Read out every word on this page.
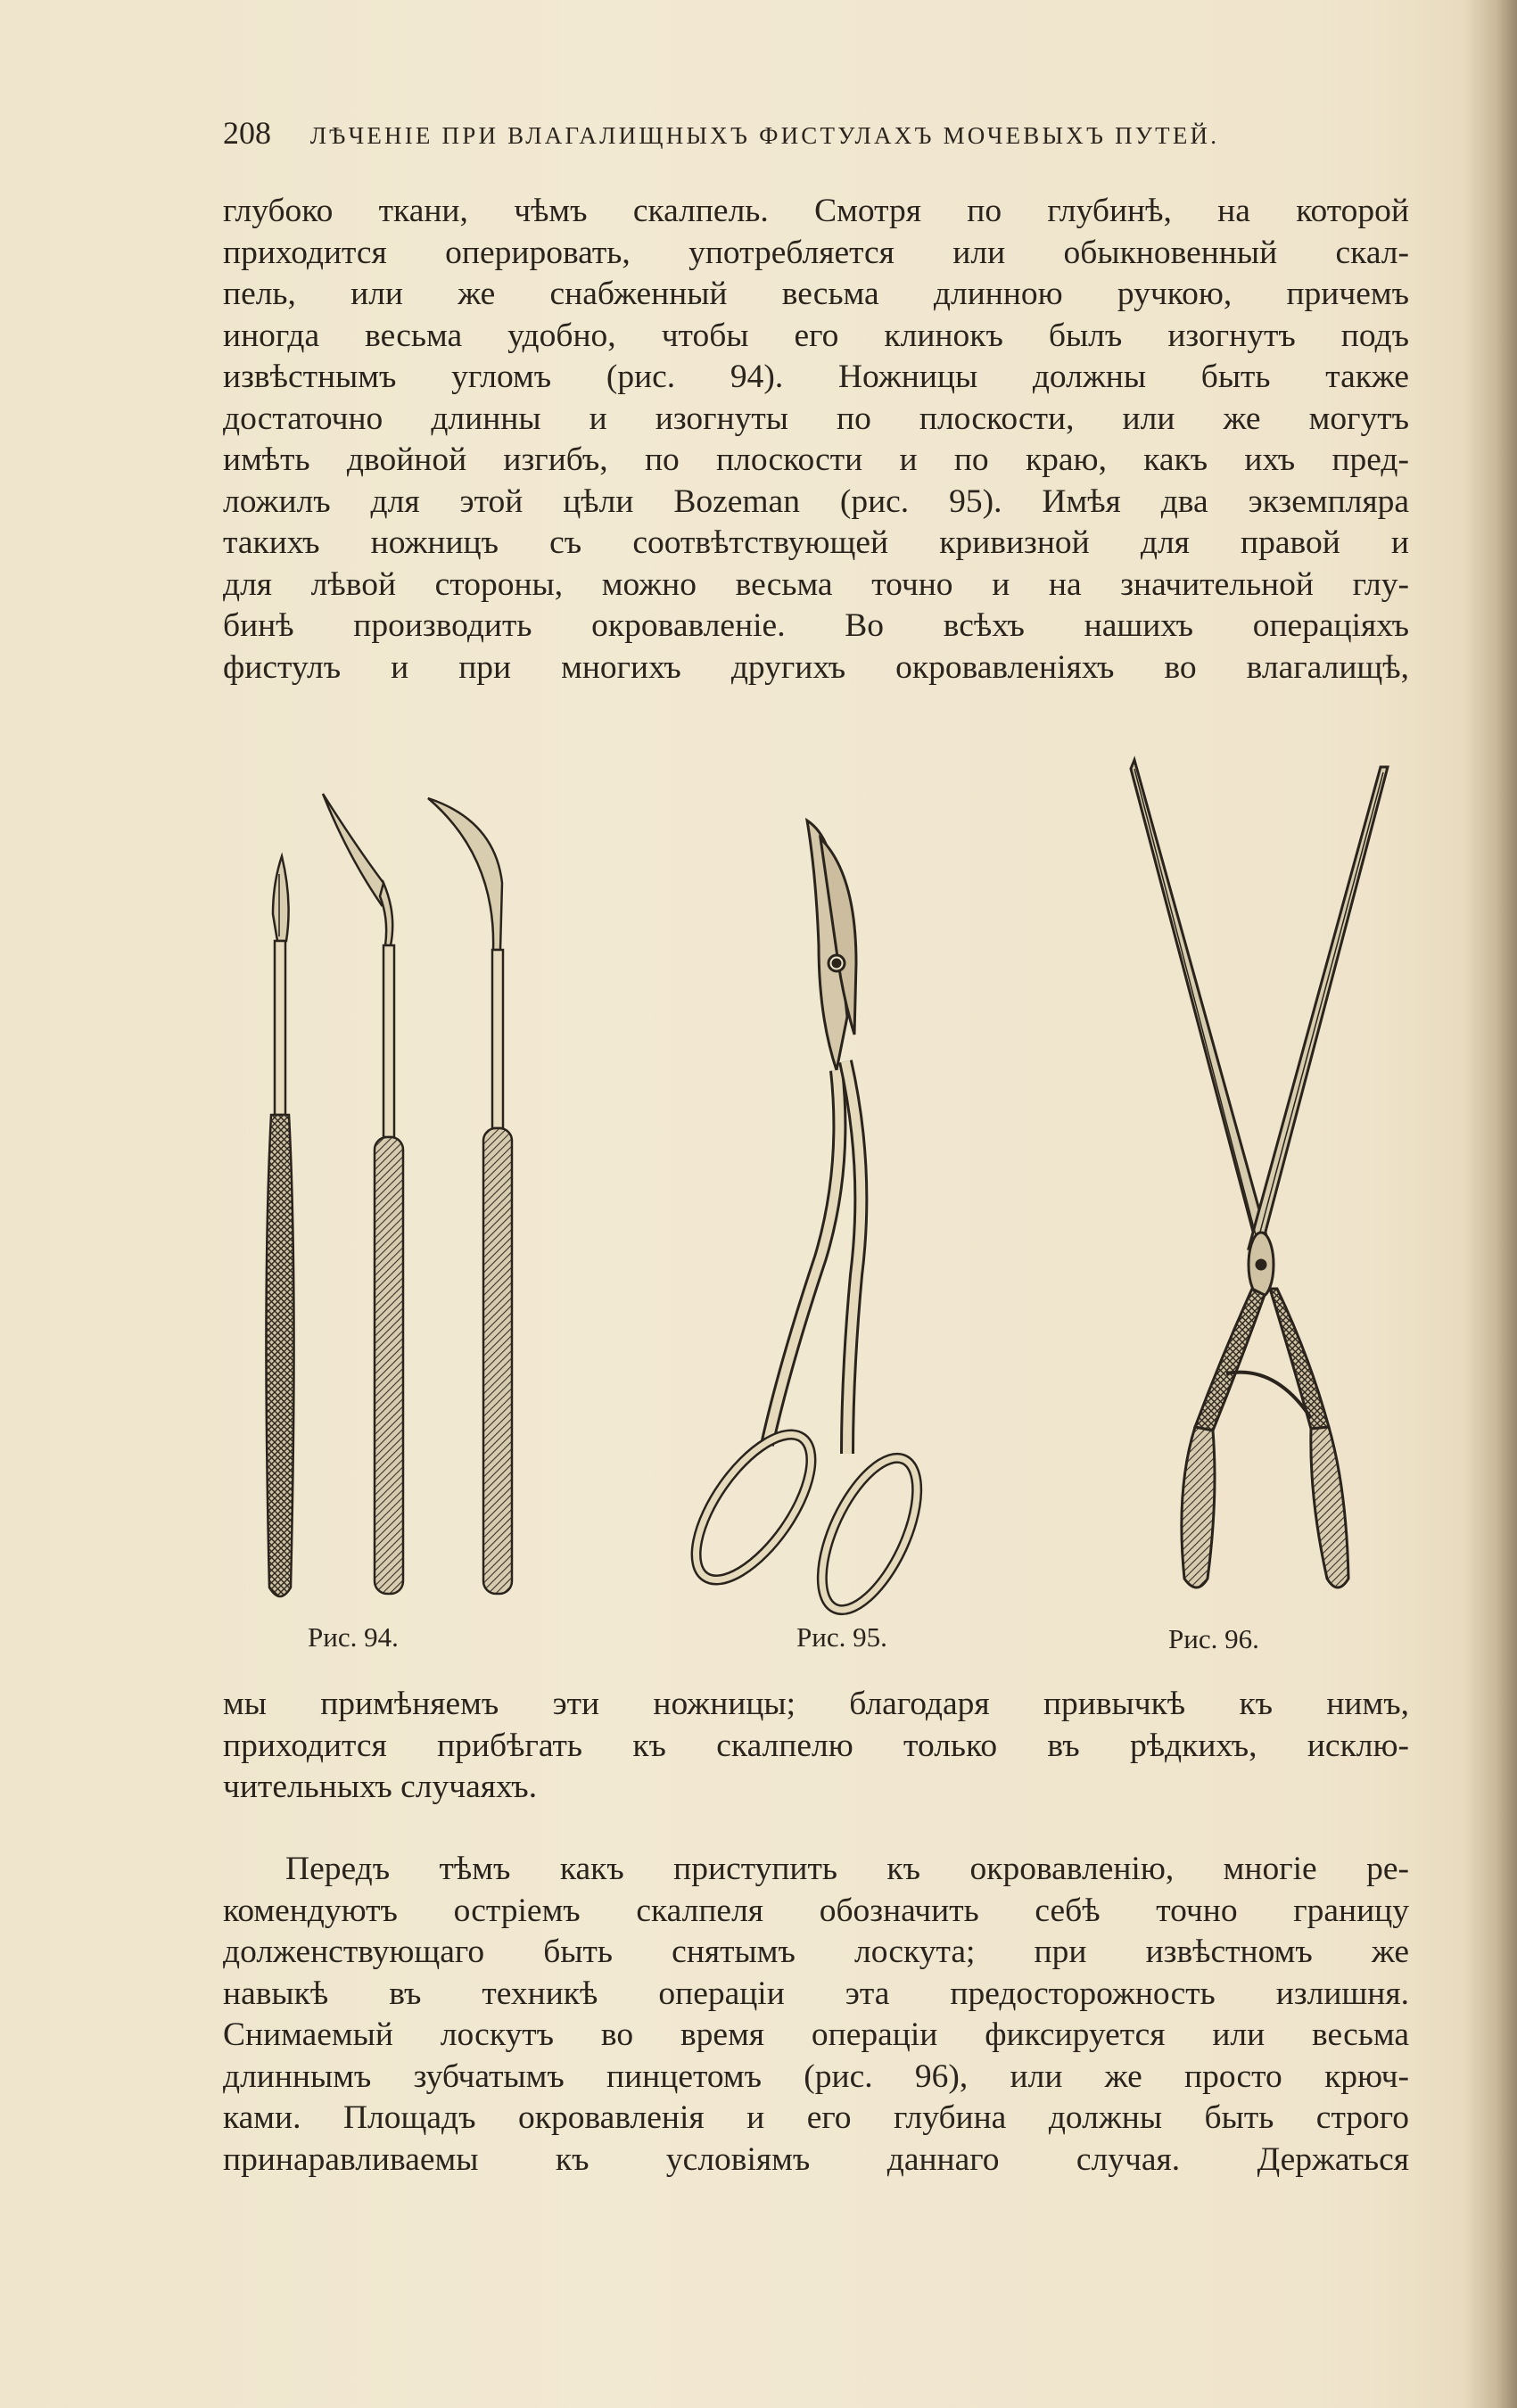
208 ЛѢЧЕНІЕ ПРИ ВЛАГАЛИЩНЫХЪ ФИСТУЛАХЪ МОЧЕВЫХЪ ПУТЕЙ.
глубоко ткани, чѣмъ скалпель. Смотря по глубинѣ, на которой
приходится оперировать, употребляется или обыкновенный скал-
пель, или же снабженный весьма длинною ручкою, причемъ
иногда весьма удобно, чтобы его клинокъ былъ изогнутъ подъ
извѣстнымъ угломъ (рис. 94). Ножницы должны быть также
достаточно длинны и изогнуты по плоскости, или же могутъ
имѣть двойной изгибъ, по плоскости и по краю, какъ ихъ пред-
ложилъ для этой цѣли Bozeman (рис. 95). Имѣя два экземпляра
такихъ ножницъ съ соотвѣтствующей кривизной для правой и
для лѣвой стороны, можно весьма точно и на значительной глу-
бинѣ производить окровавленіе. Во всѣхъ нашихъ операціяхъ
фистулъ и при многихъ другихъ окровавленіяхъ во влагалищѣ,
Рис. 94.	Рис. 95.	Рис. 96.
мы примѣняемъ эти ножницы; благодаря привычкѣ къ нимъ,
приходится прибѣгать къ скалпелю только въ рѣдкихъ, исклю-
чительныхъ случаяхъ.
Передъ тѣмъ какъ приступить къ окровавленію, многіе ре-
комендуютъ остріемъ скалпеля обозначить себѣ точно границу
долженствующаго быть снятымъ лоскута; при извѣстномъ же
навыкѣ въ техникѣ операціи эта предосторожность излишня.
Снимаемый лоскутъ во время операціи фиксируется или весьма
длиннымъ зубчатымъ пинцетомъ (рис. 96), или же просто крюч-
ками. Площадъ окровавленія и его глубина должны быть строго
принаравливаемы къ условіямъ даннаго случая. Держаться
